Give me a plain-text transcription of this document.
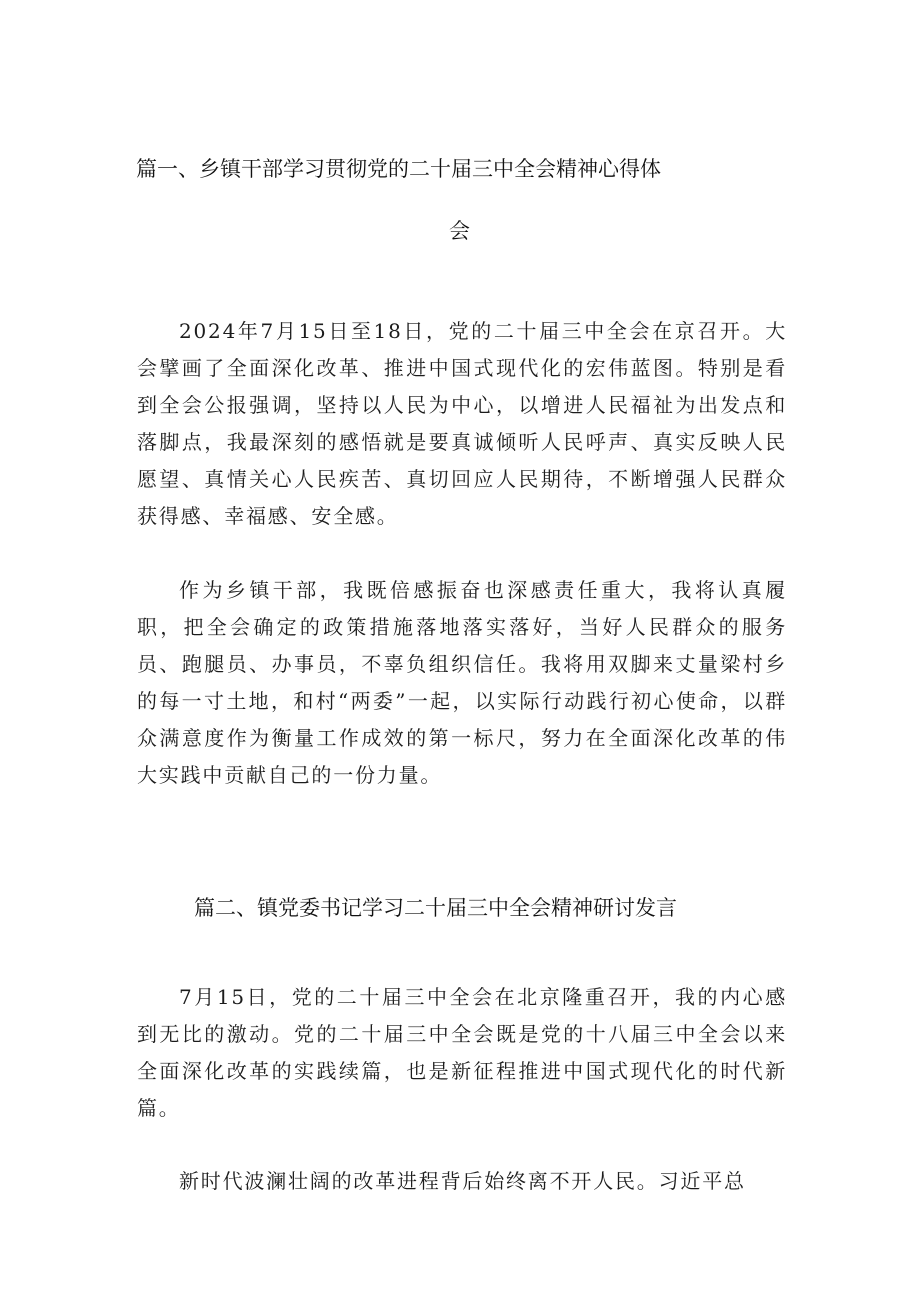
篇一、乡镇干部学习贯彻党的二十届三中全会精神心得体
会

2024年7月15日至18日，党的二十届三中全会在京召开。大会擘画了全面深化改革、推进中国式现代化的宏伟蓝图。特别是看到全会公报强调，坚持以人民为中心，以增进人民福祉为出发点和落脚点，我最深刻的感悟就是要真诚倾听人民呼声、真实反映人民愿望、真情关心人民疾苦、真切回应人民期待，不断增强人民群众获得感、幸福感、安全感。

作为乡镇干部，我既倍感振奋也深感责任重大，我将认真履职，把全会确定的政策措施落地落实落好，当好人民群众的服务员、跑腿员、办事员，不辜负组织信任。我将用双脚来丈量梁村乡的每一寸土地，和村“两委”一起，以实际行动践行初心使命，以群众满意度作为衡量工作成效的第一标尺，努力在全面深化改革的伟大实践中贡献自己的一份力量。

篇二、镇党委书记学习二十届三中全会精神研讨发言

7月15日，党的二十届三中全会在北京隆重召开，我的内心感到无比的激动。党的二十届三中全会既是党的十八届三中全会以来全面深化改革的实践续篇，也是新征程推进中国式现代化的时代新篇。

新时代波澜壮阔的改革进程背后始终离不开人民。习近平总
